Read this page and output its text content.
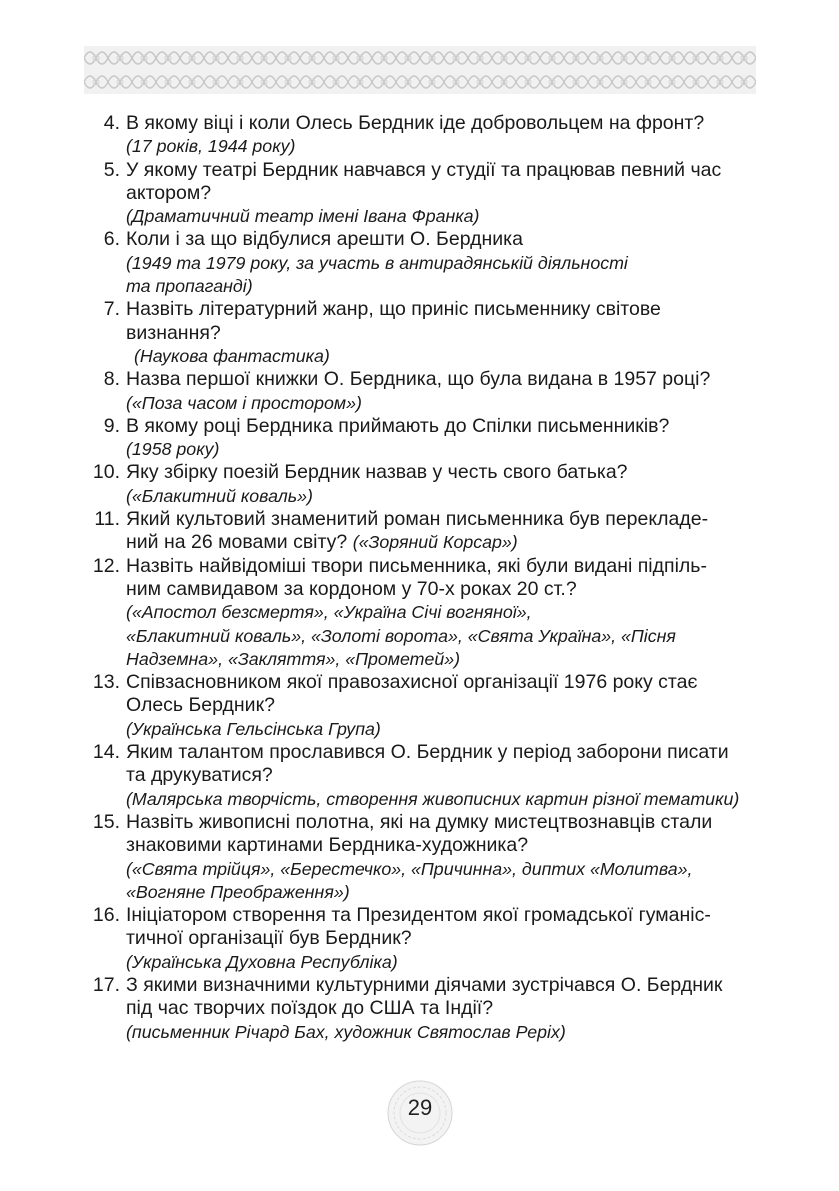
4. В якому віці і коли Олесь Бердник іде добровольцем на фронт?
(17 років, 1944 року)
5. У якому театрі Бердник навчався у студії та працював певний час
актором?
(Драматичний театр імені Івана Франка)
6. Коли і за що відбулися арешти О. Бердника
(1949 та 1979 року, за участь в антирадянській діяльності
та пропаганді)
7. Назвіть літературний жанр, що приніс письменнику світове
визнання?
(Наукова фантастика)
8. Назва першої книжки О. Бердника, що була видана в 1957 році?
(«Поза часом і простором»)
9. В якому році Бердника приймають до Спілки письменників?
(1958 року)
10. Яку збірку поезій Бердник назвав у честь свого батька?
(«Блакитний коваль»)
11. Який культовий знаменитий роман письменника був перекладе-
ний на 26 мовами світу? («Зоряний Корсар»)
12. Назвіть найвідоміші твори письменника, які були видані підпіль-
ним самвидавом за кордоном у 70-х роках 20 ст.?
(«Апостол безсмертя», «Україна Січі вогняної»,
«Блакитний коваль», «Золоті ворота», «Свята Україна», «Пісня
Надземна», «Закляття», «Прометей»)
13. Співзасновником якої правозахисної організації 1976 року стає
Олесь Бердник?
(Українська Гельсінська Група)
14. Яким талантом прославився О. Бердник у період заборони писати
та друкуватися?
(Малярська творчість, створення живописних картин різної тематики)
15. Назвіть живописні полотна, які на думку мистецтвознавців стали
знаковими картинами Бердника-художника?
(«Свята трійця», «Берестечко», «Причинна», диптих «Молитва»,
«Вогняне Преображення»)
16. Ініціатором створення та Президентом якої громадської гуманіс-
тичної організації був Бердник?
(Українська Духовна Республіка)
17. З якими визначними культурними діячами зустрічався О. Бердник
під час творчих поїздок до США та Індії?
(письменник Річард Бах, художник Святослав Реріх)
29
